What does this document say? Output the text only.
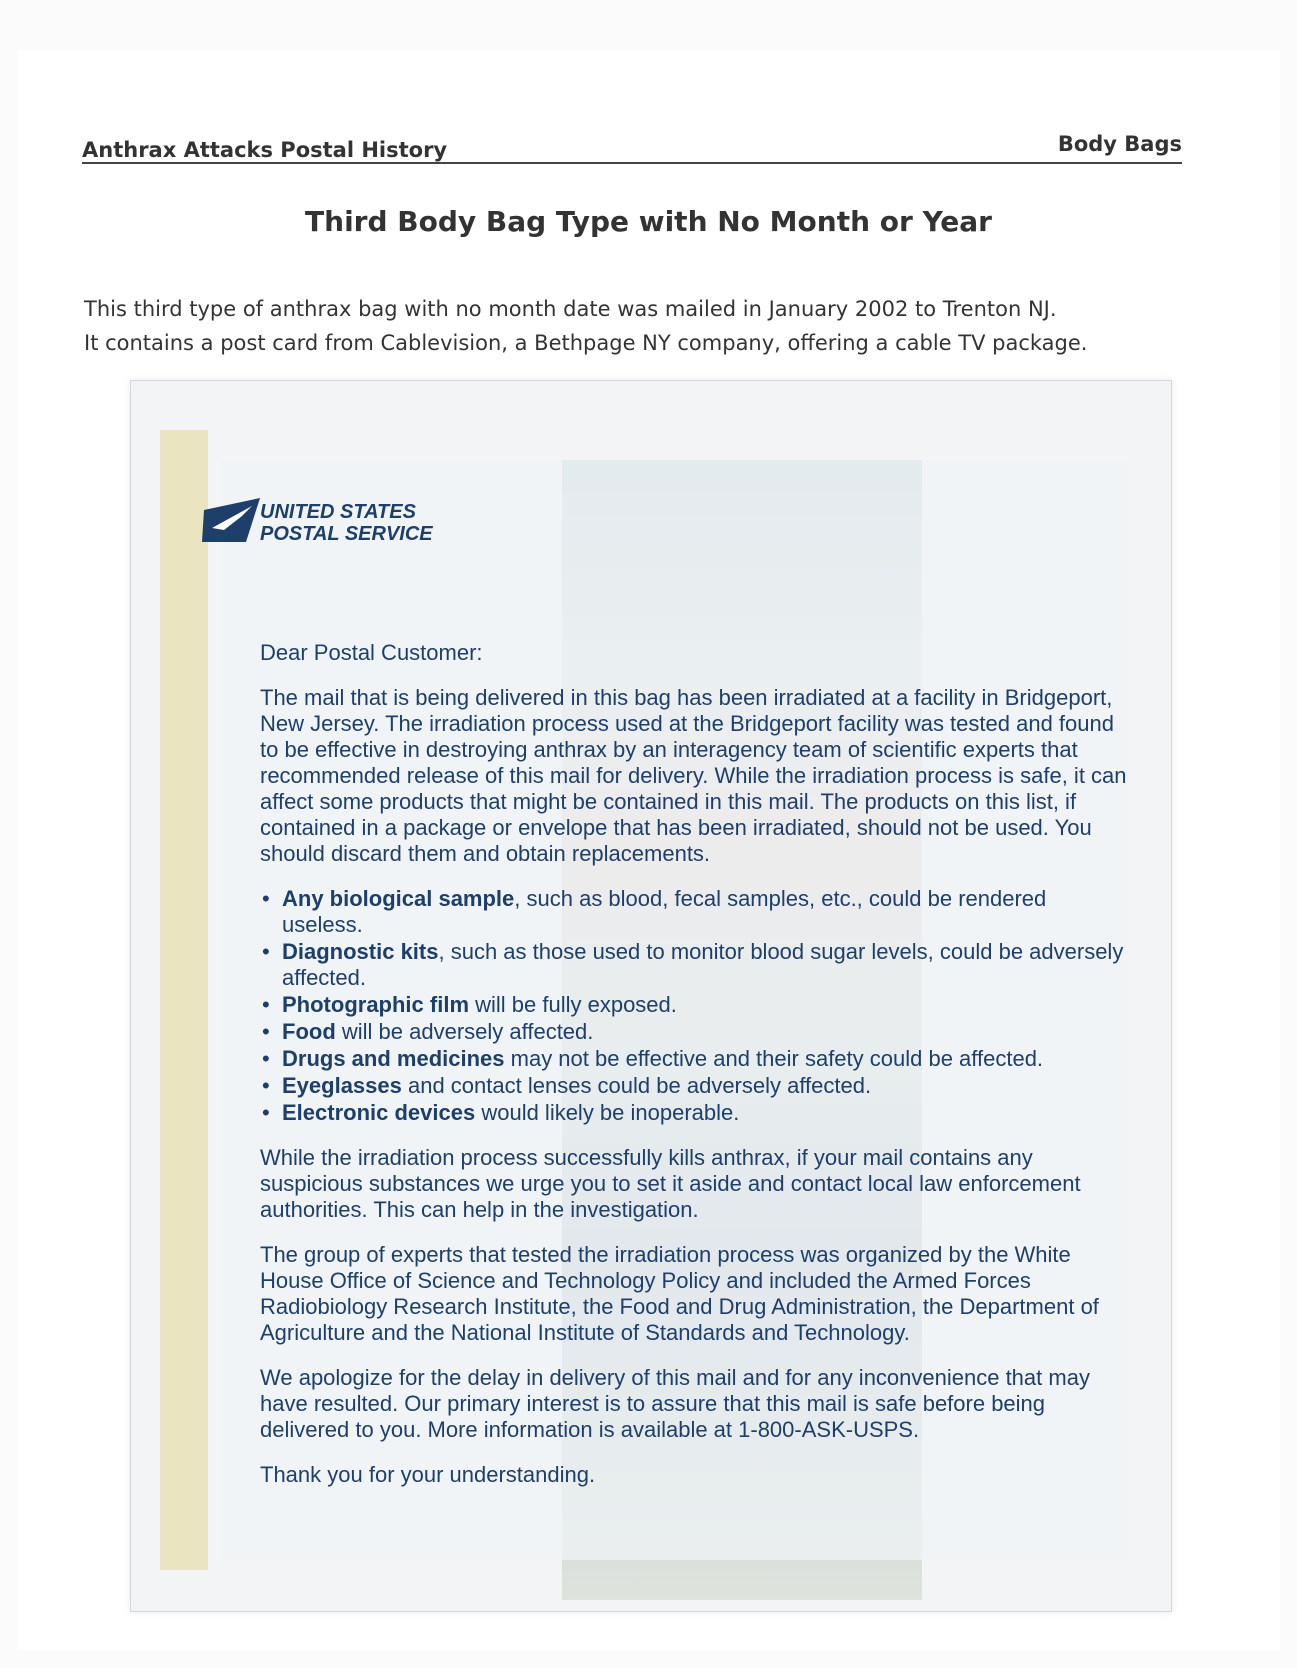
Anthrax Attacks Postal History	Body Bags
Third Body Bag Type with No Month or Year
This third type of anthrax bag with no month date was mailed in January 2002 to Trenton NJ.
It contains a post card from Cablevision, a Bethpage NY company, offering a cable TV package.
UNITED STATES
POSTAL SERVICE

Dear Postal Customer:

The mail that is being delivered in this bag has been irradiated at a facility in Bridgeport, New Jersey. The irradiation process used at the Bridgeport facility was tested and found to be effective in destroying anthrax by an interagency team of scientific experts that recommended release of this mail for delivery. While the irradiation process is safe, it can affect some products that might be contained in this mail. The products on this list, if contained in a package or envelope that has been irradiated, should not be used. You should discard them and obtain replacements.

• Any biological sample, such as blood, fecal samples, etc., could be rendered useless.
• Diagnostic kits, such as those used to monitor blood sugar levels, could be adversely affected.
• Photographic film will be fully exposed.
• Food will be adversely affected.
• Drugs and medicines may not be effective and their safety could be affected.
• Eyeglasses and contact lenses could be adversely affected.
• Electronic devices would likely be inoperable.

While the irradiation process successfully kills anthrax, if your mail contains any suspicious substances we urge you to set it aside and contact local law enforcement authorities. This can help in the investigation.

The group of experts that tested the irradiation process was organized by the White House Office of Science and Technology Policy and included the Armed Forces Radiobiology Research Institute, the Food and Drug Administration, the Department of Agriculture and the National Institute of Standards and Technology.

We apologize for the delay in delivery of this mail and for any inconvenience that may have resulted. Our primary interest is to assure that this mail is safe before being delivered to you. More information is available at 1-800-ASK-USPS.

Thank you for your understanding.
